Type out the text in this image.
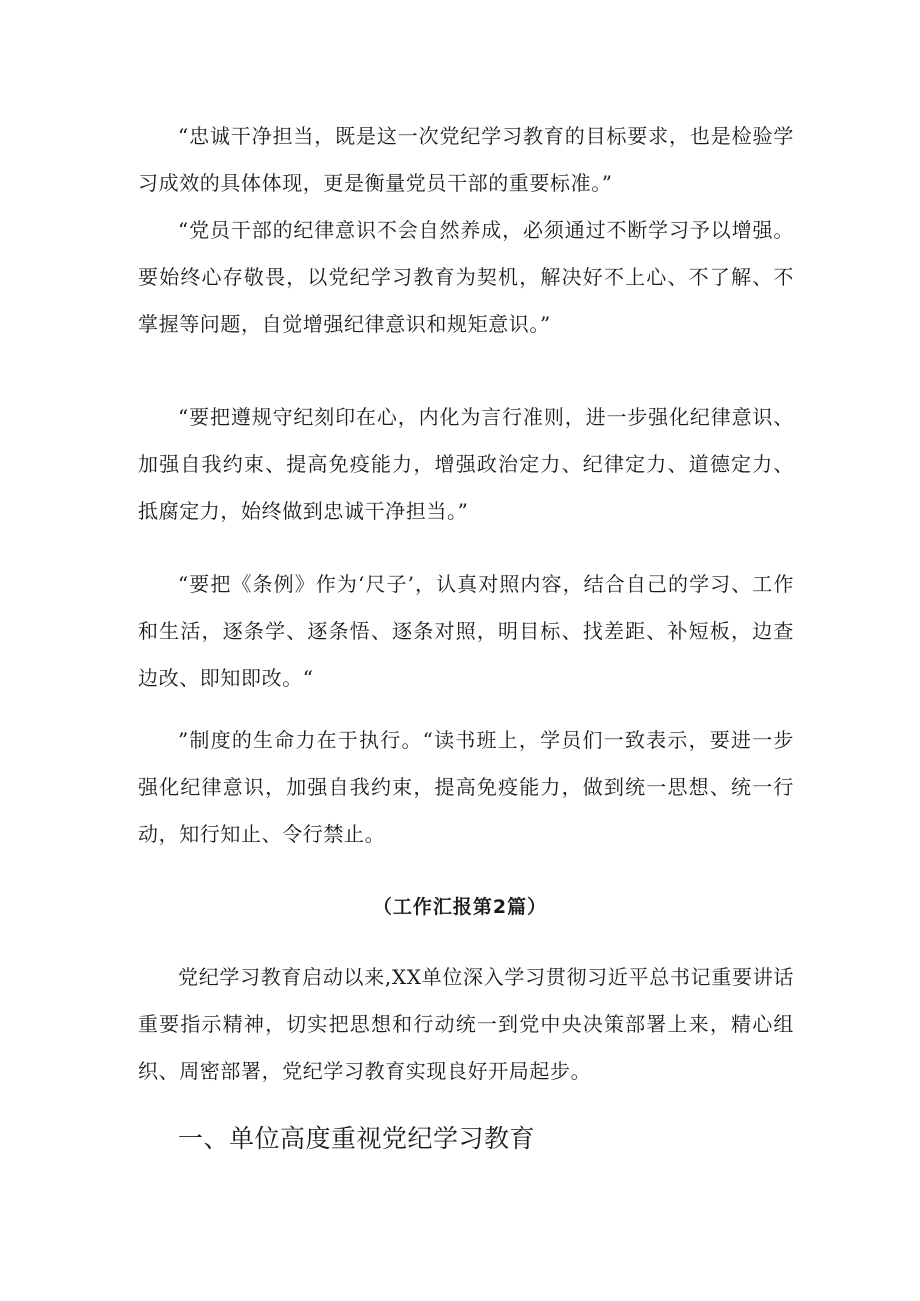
“忠诚干净担当，既是这一次党纪学习教育的目标要求，也是检验学习成效的具体体现，更是衡量党员干部的重要标准。”

“党员干部的纪律意识不会自然养成，必须通过不断学习予以增强。要始终心存敬畏，以党纪学习教育为契机，解决好不上心、不了解、不掌握等问题，自觉增强纪律意识和规矩意识。”

“要把遵规守纪刻印在心，内化为言行准则，进一步强化纪律意识、加强自我约束、提高免疫能力，增强政治定力、纪律定力、道德定力、抵腐定力，始终做到忠诚干净担当。”

“要把《条例》作为‘尺子’，认真对照内容，结合自己的学习、工作和生活，逐条学、逐条悟、逐条对照，明目标、找差距、补短板，边查边改、即知即改。“

”制度的生命力在于执行。“读书班上，学员们一致表示，要进一步强化纪律意识，加强自我约束，提高免疫能力，做到统一思想、统一行动，知行知止、令行禁止。

（工作汇报第2篇）

党纪学习教育启动以来,XX单位深入学习贯彻习近平总书记重要讲话重要指示精神，切实把思想和行动统一到党中央决策部署上来，精心组织、周密部署，党纪学习教育实现良好开局起步。

一、单位高度重视党纪学习教育
